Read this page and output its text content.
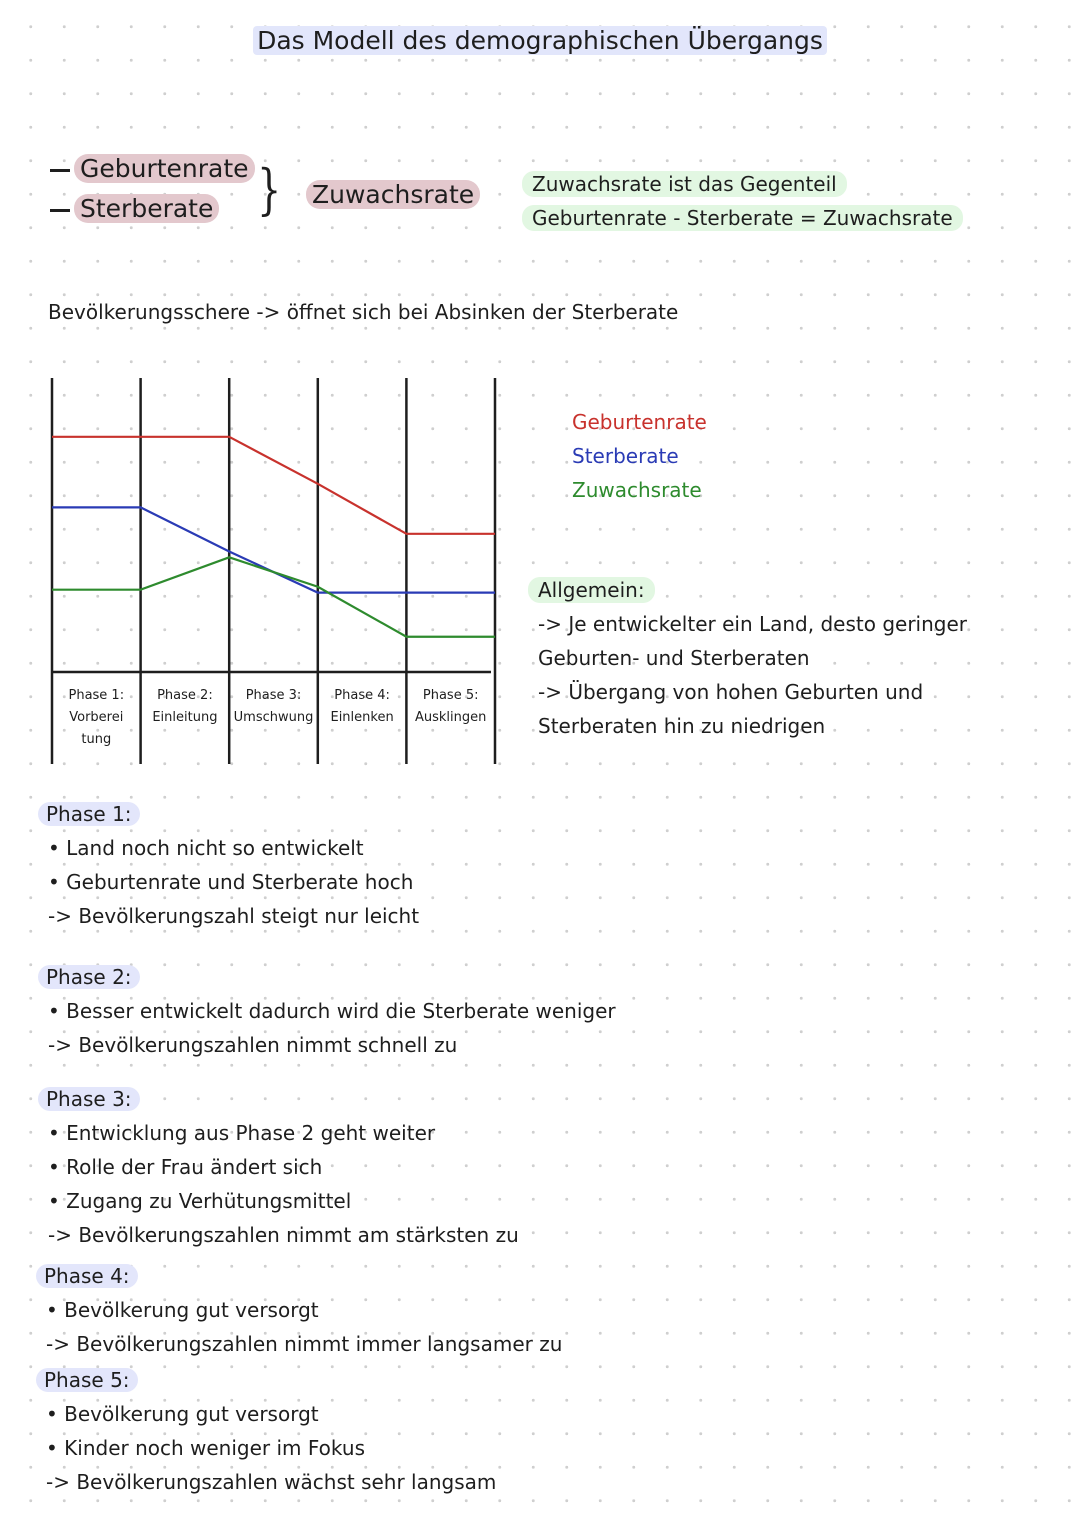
Das Modell des demographischen Übergangs
Geburtenrate
Sterberate } Zuwachsrate	Zuwachsrate ist das Gegenteil
Geburtenrate - Sterberate = Zuwachsrate
Bevölkerungsschere -> öffnet sich bei Absinken der Sterberate
Phase 1: Vorberei tung
Phase 2: Einleitung
Phase 3: Umschwung
Phase 4: Einlenken
Phase 5: Ausklingen
Geburtenrate
Sterberate
Zuwachsrate
Allgemein:
-> Je entwickelter ein Land, desto geringer
Geburten- und Sterberaten
-> Übergang von hohen Geburten und
Sterberaten hin zu niedrigen
Phase 1:
• Land noch nicht so entwickelt
• Geburtenrate und Sterberate hoch
-> Bevölkerungszahl steigt nur leicht
Phase 2:
• Besser entwickelt dadurch wird die Sterberate weniger
-> Bevölkerungszahlen nimmt schnell zu
Phase 3:
• Entwicklung aus Phase 2 geht weiter
• Rolle der Frau ändert sich
• Zugang zu Verhütungsmittel
-> Bevölkerungszahlen nimmt am stärksten zu
Phase 4:
• Bevölkerung gut versorgt
-> Bevölkerungszahlen nimmt immer langsamer zu
Phase 5:
• Bevölkerung gut versorgt
• Kinder noch weniger im Fokus
-> Bevölkerungszahlen wächst sehr langsam
